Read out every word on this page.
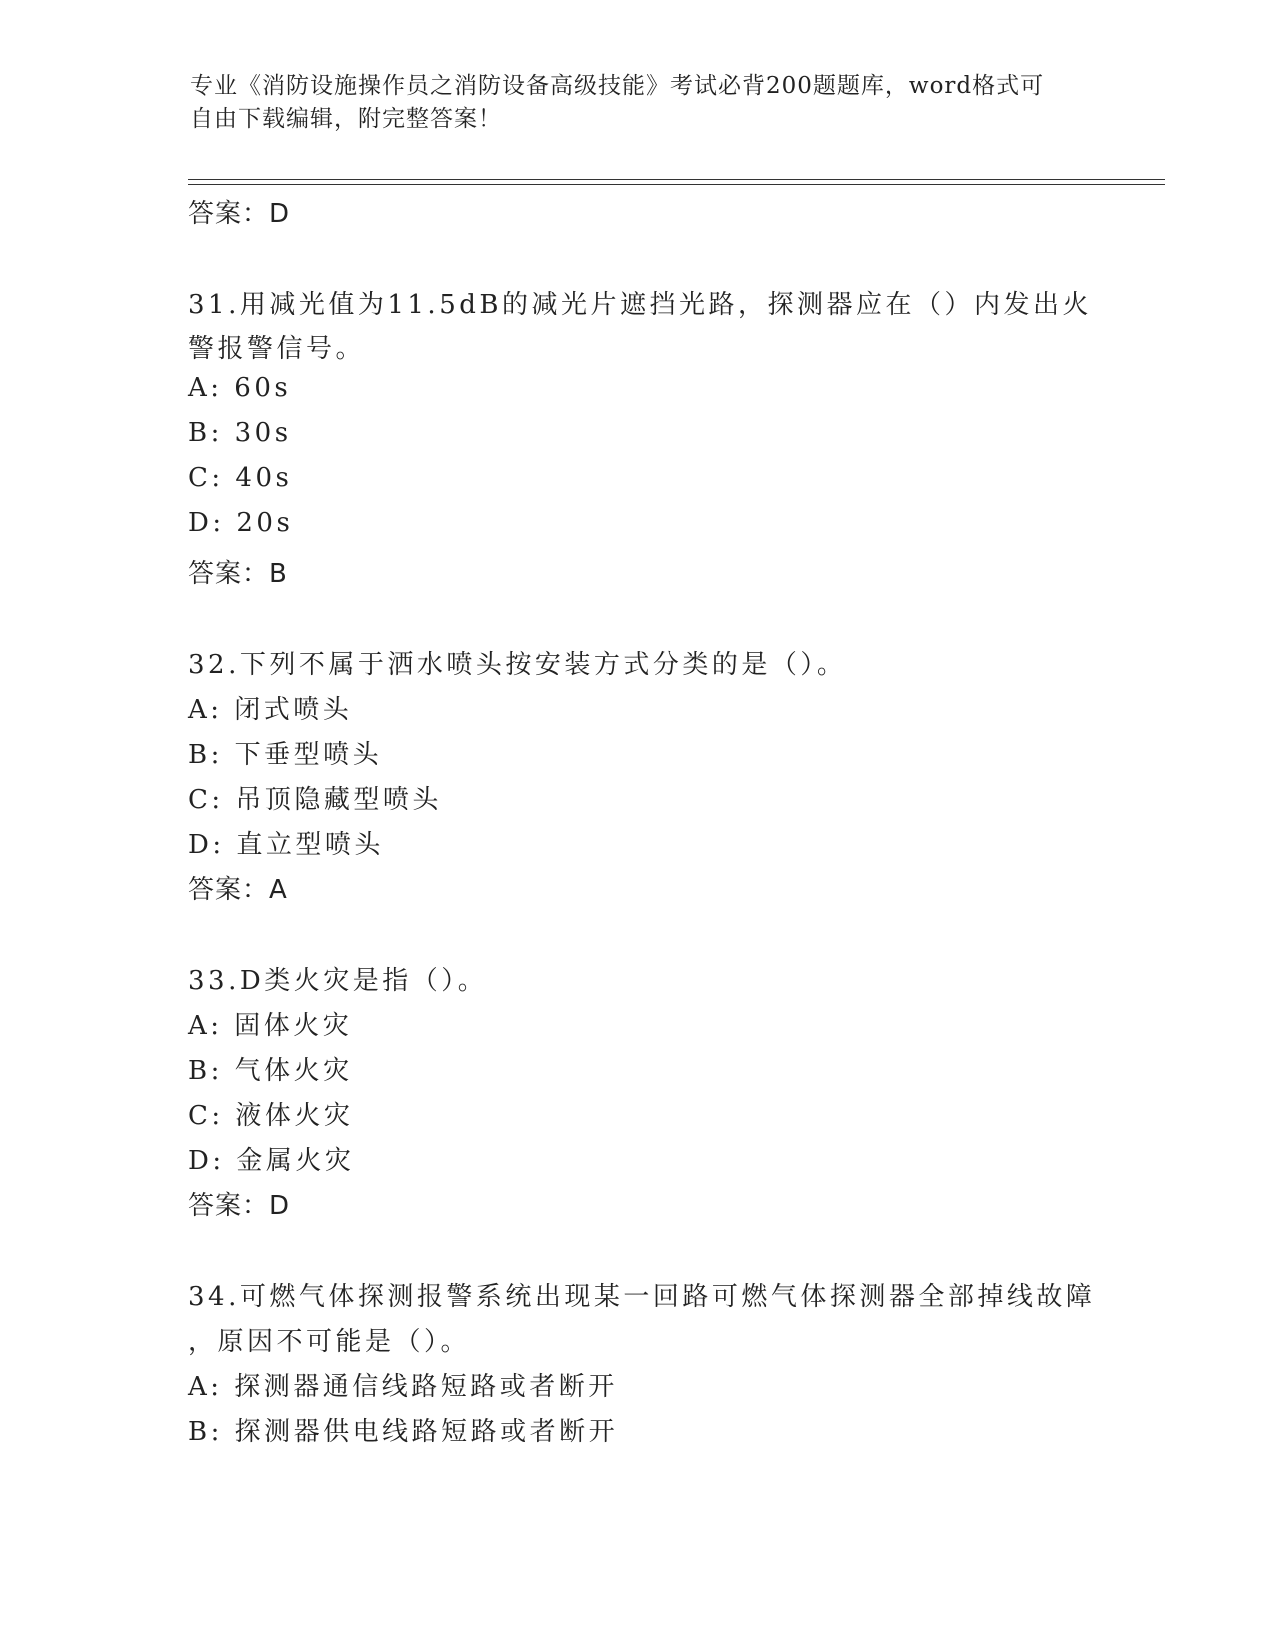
专业《消防设施操作员之消防设备高级技能》考试必背200题题库，word格式可
自由下载编辑，附完整答案！
答案：D
31.用减光值为11.5dB的减光片遮挡光路，探测器应在（）内发出火
警报警信号。
A: 60s
B: 30s
C: 40s
D: 20s
答案：B
32.下列不属于洒水喷头按安装方式分类的是（）。
A: 闭式喷头
B: 下垂型喷头
C: 吊顶隐藏型喷头
D: 直立型喷头
答案：A
33.D类火灾是指（）。
A: 固体火灾
B: 气体火灾
C: 液体火灾
D: 金属火灾
答案：D
34.可燃气体探测报警系统出现某一回路可燃气体探测器全部掉线故障
，原因不可能是（）。
A: 探测器通信线路短路或者断开
B: 探测器供电线路短路或者断开
